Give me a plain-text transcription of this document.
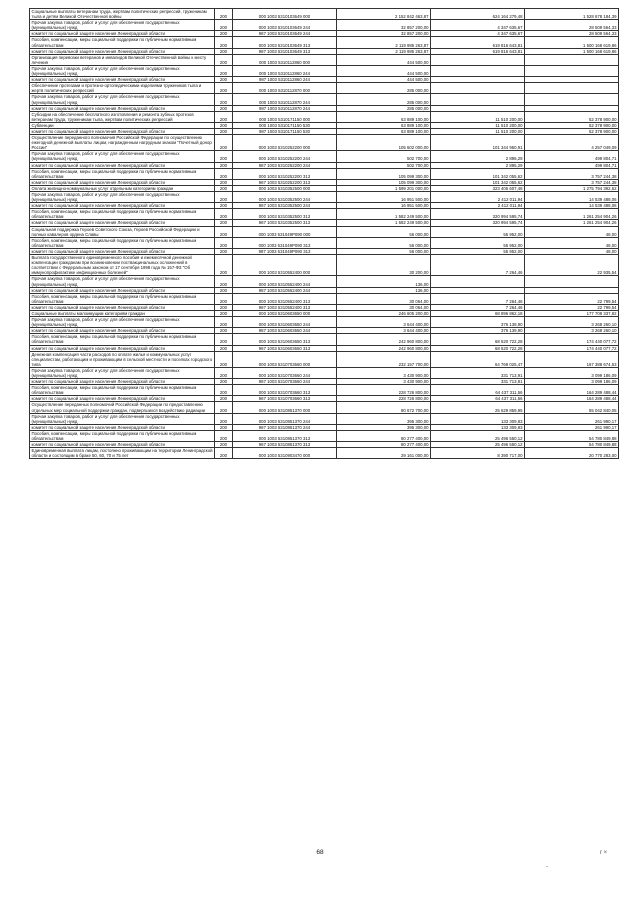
Социальные выплаты ветеранам труда, жертвам политических репрессий, труженикам тыла и детям Великой Отечественной войны	200	000 1003 5310103649 000	2 152 842 463,87	624 164 279,48	1 528 678 184,39
Прочая закупка товаров, работ и услуг для обеспечения государственных (муниципальных) нужд	200	000 1003 5310103649 244	32 857 200,00	4 347 635,67	28 509 564,33
комитет по социальной защите населения Ленинградской области	200	987 1003 5310103649 244	32 857 200,00	4 347 635,67	28 509 564,33
Пособия, компенсации, меры социальной поддержки по публичным нормативным обязательствам	200	000 1003 5310103649 313	2 119 985 263,87	619 816 643,81	1 500 168 619,86
комитет по социальной защите населения Ленинградской области	200	987 1003 5310103649 313	2 119 985 263,87	619 816 643,81	1 500 168 619,86
Организация перевозки ветеранов и инвалидов Великой Отечественной войны к месту лечения	200	000 1003 5310112860 000	444 500,00		
Прочая закупка товаров, работ и услуг для обеспечения государственных (муниципальных) нужд	200	000 1003 5310112860 244	444 500,00		
комитет по социальной защите населения Ленинградской области	200	987 1003 5310112860 244	444 500,00		
Обеспечение протезами и протезно-ортопедическими изделиями тружеников тыла и жертв политических репрессий	200	000 1003 5310112870 000	285 000,00		
Прочая закупка товаров, работ и услуг для обеспечения государственных (муниципальных) нужд	200	000 1003 5310112870 244	285 000,00		
комитет по социальной защите населения Ленинградской области	200	987 1003 5310112870 244	285 000,00		
Субсидии на обеспечение бесплатного изготовления и ремонта зубных протезов ветеранам труда, труженикам тыла, жертвам политических репрессий	200	000 1003 5310171150 000	63 889 100,00	11 510 200,00	52 378 900,00
Субвенции	200	000 1003 5310171150 530	63 889 100,00	11 510 200,00	52 378 900,00
комитет по социальной защите населения Ленинградской области	200	987 1003 5310171150 530	63 889 100,00	11 510 200,00	52 378 900,00
Осуществление переданного полномочия Российской Федерации по осуществлению ежегодной денежной выплаты лицам, награжденным нагрудным знаком "Почетный донор России"	200	000 1003 5310252200 000	105 602 000,00	101 344 950,91	4 257 049,09
Прочая закупка товаров, работ и услуг для обеспечения государственных (муниципальных) нужд	200	000 1003 5310252200 244	502 700,00	2 895,29	499 804,71
комитет по социальной защите населения Ленинградской области	200	987 1003 5310252200 244	502 700,00	2 895,29	499 804,71
Пособия, компенсации, меры социальной поддержки по публичным нормативным обязательствам	200	000 1003 5310252200 313	105 099 300,00	101 342 055,62	3 757 244,38
комитет по социальной защите населения Ленинградской области	200	987 1003 5310252200 313	105 099 300,00	101 342 055,62	3 757 244,38
Оплата жилищно-коммунальных услуг отдельным категориям граждан	200	000 1003 5310352500 000	1 599 201 000,00	323 406 607,48	1 275 794 392,52
Прочая закупка товаров, работ и услуг для обеспечения государственных (муниципальных) нужд	200	000 1003 5310352500 244	16 951 500,00	2 412 011,94	14 539 488,06
комитет по социальной защите населения Ленинградской области	200	987 1003 5310352500 244	16 951 500,00	2 412 011,94	14 539 488,06
Пособия, компенсации, меры социальной поддержки по публичным нормативным обязательствам	200	000 1003 5310352500 313	1 582 249 500,00	320 994 595,74	1 261 254 904,26
комитет по социальной защите населения Ленинградской области	200	987 1003 5310352500 313	1 582 249 500,00	320 994 595,74	1 261 254 904,26
Социальная поддержка Героев Советского Союза, Героев Российской Федерации и полных кавалеров ордена Славы	200	000 1003 531049Р090 000	56 000,00	55 952,00	48,00
Пособия, компенсации, меры социальной поддержки по публичным нормативным обязательствам	200	000 1003 531049Р090 313	56 000,00	55 952,00	48,00
комитет по социальной защите населения Ленинградской области	200	987 1003 531049Р090 313	56 000,00	55 952,00	48,00
Выплата государственного единовременного пособия и ежемесячной денежной компенсации гражданам при возникновении поствакцинальных осложнений в соответствии с Федеральным законом от 17 сентября 1998 года № 157-ФЗ "Об иммунопрофилактике инфекционных болезней"	200	000 1003 5310552400 000	30 200,00	7 264,46	22 935,54
Прочая закупка товаров, работ и услуг для обеспечения государственных (муниципальных) нужд	200	000 1003 5310552400 244	136,00		
комитет по социальной защите населения Ленинградской области	200	987 1003 5310552400 244	136,00		
Пособия, компенсации, меры социальной поддержки по публичным нормативным обязательствам	200	000 1003 5310552400 313	30 064,00	7 264,46	22 799,54
комитет по социальной защите населения Ленинградской области	200	987 1003 5310552400 313	30 064,00	7 264,46	22 799,54
Социальные выплаты малоимущим категориям граждан	200	000 1003 5310603650 000	246 605 200,00	68 896 862,18	177 708 337,82
Прочая закупка товаров, работ и услуг для обеспечения государственных (муниципальных) нужд	200	000 1003 5310603650 244	3 644 400,00	376 139,90	3 268 260,10
комитет по социальной защите населения Ленинградской области	200	987 1003 5310603650 244	3 644 400,00	376 139,90	3 268 260,10
Пособия, компенсации, меры социальной поддержки по публичным нормативным обязательствам	200	000 1003 5310603650 313	242 960 800,00	68 520 722,28	174 440 077,72
комитет по социальной защите населения Ленинградской области	200	987 1003 5310603650 313	242 960 800,00	68 520 722,28	174 440 077,72
Денежная компенсация части расходов по оплате жилья и коммунальных услуг специалистам, работающим и проживающим в сельской местности и поселках городского типа	200	000 1003 5310703660 000	232 157 700,00	64 769 025,47	167 388 674,53
Прочая закупка товаров, работ и услуг для обеспечения государственных (муниципальных) нужд	200	000 1003 5310703660 244	3 430 900,00	331 713,91	3 099 186,09
комитет по социальной защите населения Ленинградской области	200	987 1003 5310703660 244	3 430 900,00	331 713,91	3 099 186,09
Пособия, компенсации, меры социальной поддержки по публичным нормативным обязательствам	200	000 1003 5310703660 313	228 726 800,00	64 437 311,56	164 289 488,44
комитет по социальной защите населения Ленинградской области	200	987 1003 5310703660 313	228 726 800,00	64 437 311,56	164 289 488,44
Осуществление переданных полномочий Российской Федерации по предоставлению отдельных мер социальной поддержки граждан, подвергшихся воздействию радиации	200	000 1003 5310851370 000	80 672 700,00	25 629 859,95	55 042 840,05
Прочая закупка товаров, работ и услуг для обеспечения государственных (муниципальных) нужд	200	000 1003 5310851370 244	395 300,00	133 309,83	261 990,17
комитет по социальной защите населения Ленинградской области	200	987 1003 5310851370 244	395 300,00	133 309,83	261 990,17
Пособия, компенсации, меры социальной поддержки по публичным нормативным обязательствам	200	000 1003 5310851370 313	80 277 400,00	25 496 550,12	54 780 849,88
комитет по социальной защите населения Ленинградской области	200	987 1003 5310851370 313	80 277 400,00	25 496 550,12	54 780 849,88
Единовременная выплата лицам, постоянно проживающим на территории Ленинградской области и состоящим в браке 50, 60, 70 и 75 лет	200	000 1003 5310903470 000	29 161 000,00	8 390 717,00	20 770 283,00
68
-
r ×
